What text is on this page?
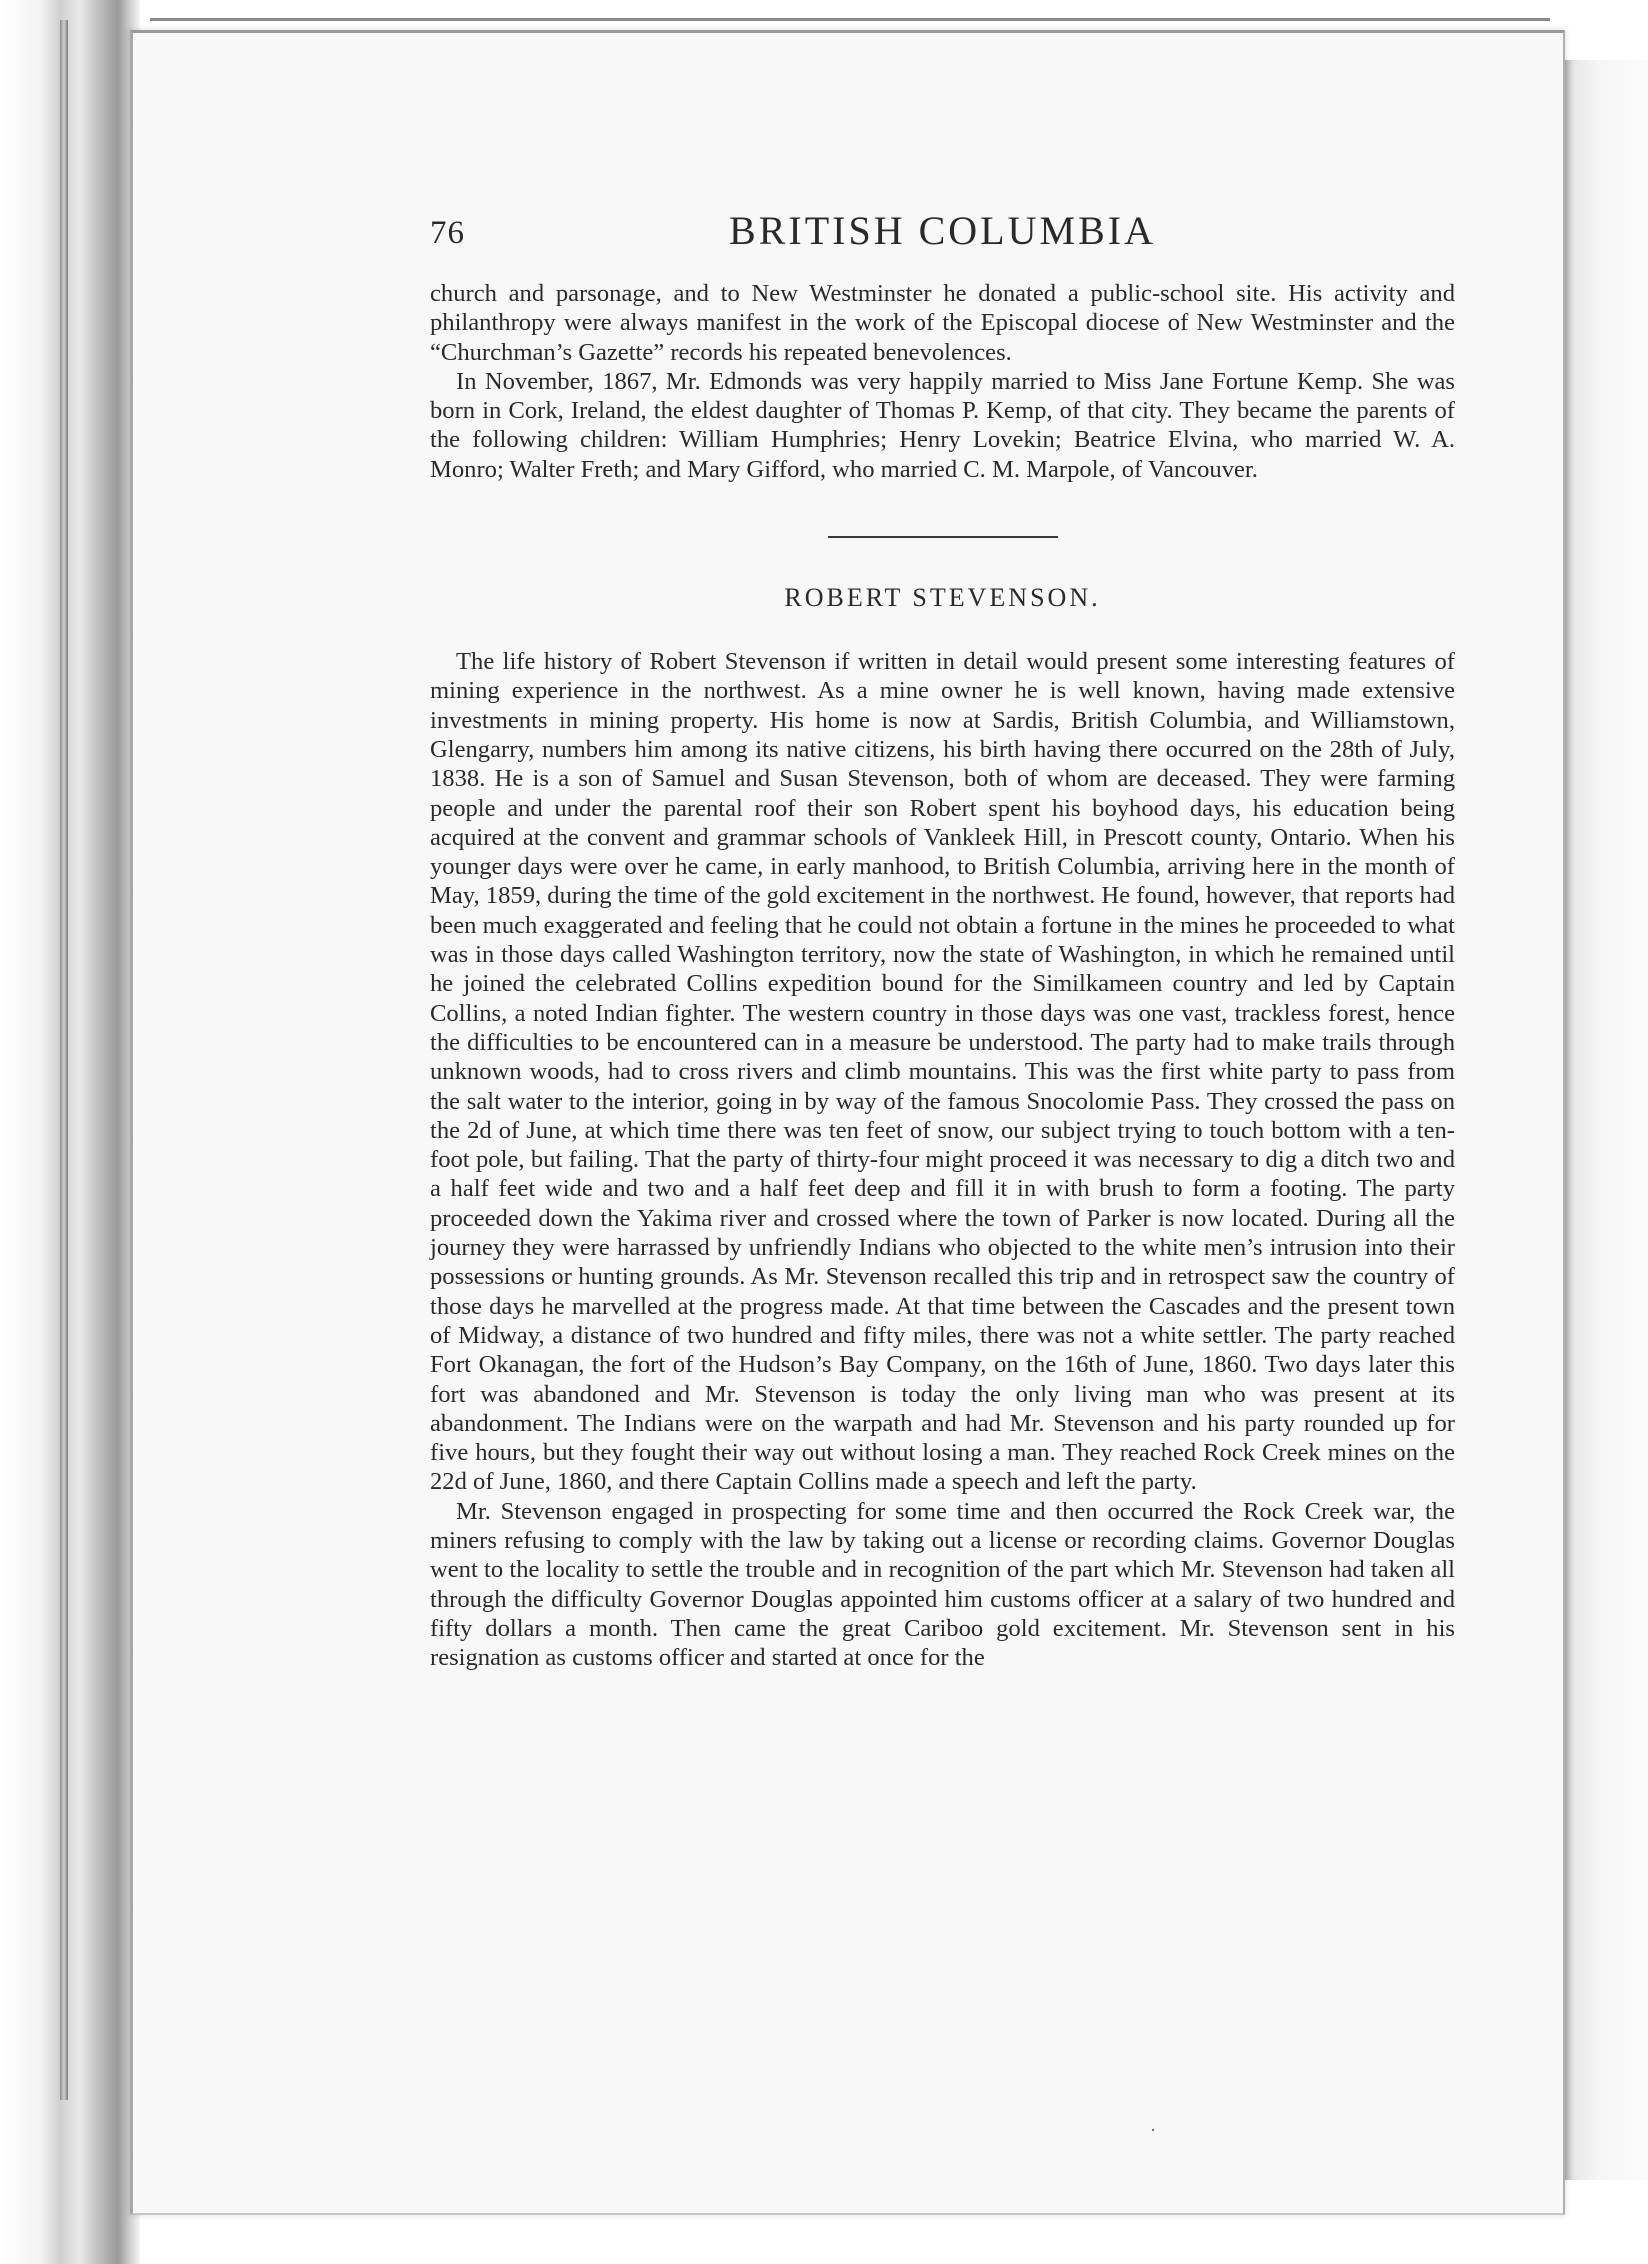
76	BRITISH COLUMBIA

church and parsonage, and to New Westminster he donated a public-school site. His activity and philanthropy were always manifest in the work of the Episcopal diocese of New Westminster and the “Churchman’s Gazette” records his repeated benevolences.

In November, 1867, Mr. Edmonds was very happily married to Miss Jane Fortune Kemp. She was born in Cork, Ireland, the eldest daughter of Thomas P. Kemp, of that city. They became the parents of the following children: William Humphries; Henry Lovekin; Beatrice Elvina, who married W. A. Monro; Walter Freth; and Mary Gifford, who married C. M. Marpole, of Vancouver.

ROBERT STEVENSON.

The life history of Robert Stevenson if written in detail would present some interesting features of mining experience in the northwest. As a mine owner he is well known, having made extensive investments in mining property. His home is now at Sardis, British Columbia, and Williamstown, Glengarry, numbers him among its native citizens, his birth having there occurred on the 28th of July, 1838. He is a son of Samuel and Susan Stevenson, both of whom are deceased. They were farming people and under the parental roof their son Robert spent his boyhood days, his education being acquired at the convent and grammar schools of Vankleek Hill, in Prescott county, Ontario. When his younger days were over he came, in early manhood, to British Columbia, arriving here in the month of May, 1859, during the time of the gold excitement in the northwest. He found, however, that reports had been much exaggerated and feeling that he could not obtain a fortune in the mines he proceeded to what was in those days called Washington territory, now the state of Washington, in which he remained until he joined the celebrated Collins expedition bound for the Similkameen country and led by Captain Collins, a noted Indian fighter. The western country in those days was one vast, trackless forest, hence the difficulties to be encountered can in a measure be understood. The party had to make trails through unknown woods, had to cross rivers and climb mountains. This was the first white party to pass from the salt water to the interior, going in by way of the famous Snocolomie Pass. They crossed the pass on the 2d of June, at which time there was ten feet of snow, our subject trying to touch bottom with a ten-foot pole, but failing. That the party of thirty-four might proceed it was necessary to dig a ditch two and a half feet wide and two and a half feet deep and fill it in with brush to form a footing. The party proceeded down the Yakima river and crossed where the town of Parker is now located. During all the journey they were harrassed by unfriendly Indians who objected to the white men’s intrusion into their possessions or hunting grounds. As Mr. Stevenson recalled this trip and in retrospect saw the country of those days he marvelled at the progress made. At that time between the Cascades and the present town of Midway, a distance of two hundred and fifty miles, there was not a white settler. The party reached Fort Okanagan, the fort of the Hudson’s Bay Company, on the 16th of June, 1860. Two days later this fort was abandoned and Mr. Stevenson is today the only living man who was present at its abandonment. The Indians were on the warpath and had Mr. Stevenson and his party rounded up for five hours, but they fought their way out without losing a man. They reached Rock Creek mines on the 22d of June, 1860, and there Captain Collins made a speech and left the party.

Mr. Stevenson engaged in prospecting for some time and then occurred the Rock Creek war, the miners refusing to comply with the law by taking out a license or recording claims. Governor Douglas went to the locality to settle the trouble and in recognition of the part which Mr. Stevenson had taken all through the difficulty Governor Douglas appointed him customs officer at a salary of two hundred and fifty dollars a month. Then came the great Cariboo gold excitement. Mr. Stevenson sent in his resignation as customs officer and started at once for the

·
